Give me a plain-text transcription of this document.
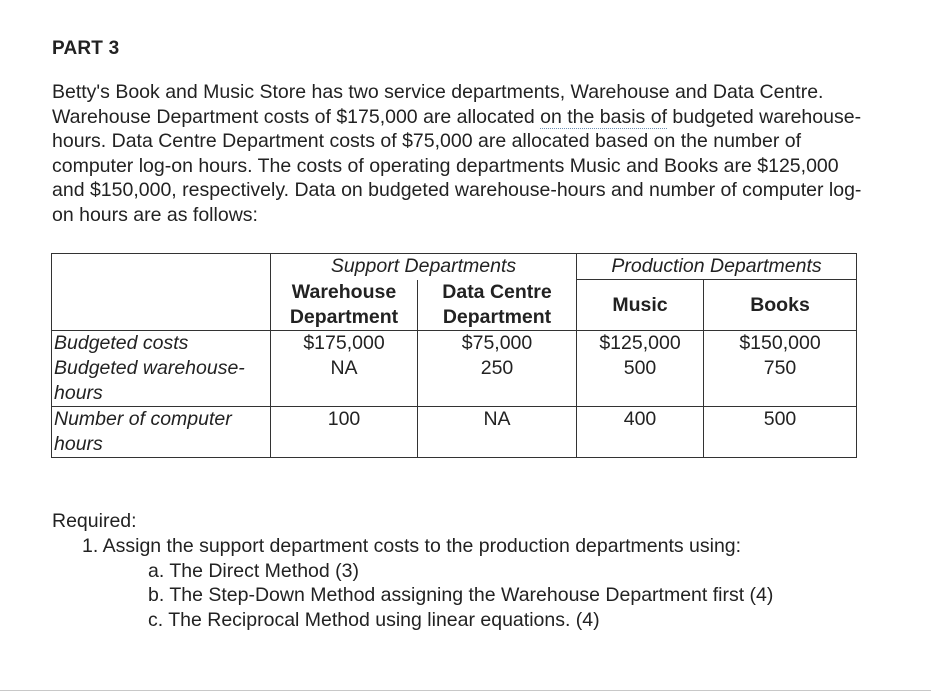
PART 3
Betty's Book and Music Store has two service departments, Warehouse and Data Centre. Warehouse Department costs of $175,000 are allocated on the basis of budgeted warehouse-hours. Data Centre Department costs of $75,000 are allocated based on the number of computer log-on hours. The costs of operating departments Music and Books are $125,000 and $150,000, respectively. Data on budgeted warehouse-hours and number of computer log-on hours are as follows:
	Support Departments		Production Departments	
	Warehouse Department	Data Centre Department	Music	Books
Budgeted costs	$175,000	$75,000	$125,000	$150,000
Budgeted warehouse-hours	NA	250	500	750
Number of computer hours	100	NA	400	500
Required:
1. Assign the support department costs to the production departments using:
a. The Direct Method (3)
b. The Step-Down Method assigning the Warehouse Department first (4)
c. The Reciprocal Method using linear equations. (4)
